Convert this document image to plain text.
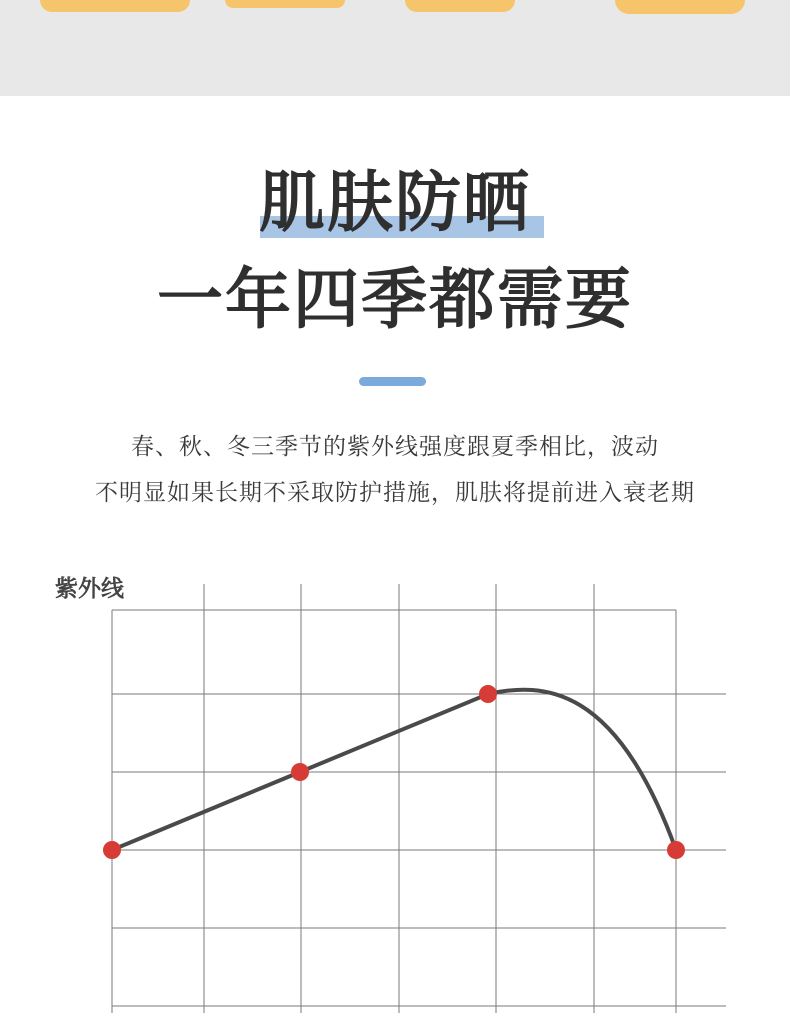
肌肤防晒
一年四季都需要
春、秋、冬三季节的紫外线强度跟夏季相比，波动
不明显如果长期不采取防护措施，肌肤将提前进入衰老期
紫外线
